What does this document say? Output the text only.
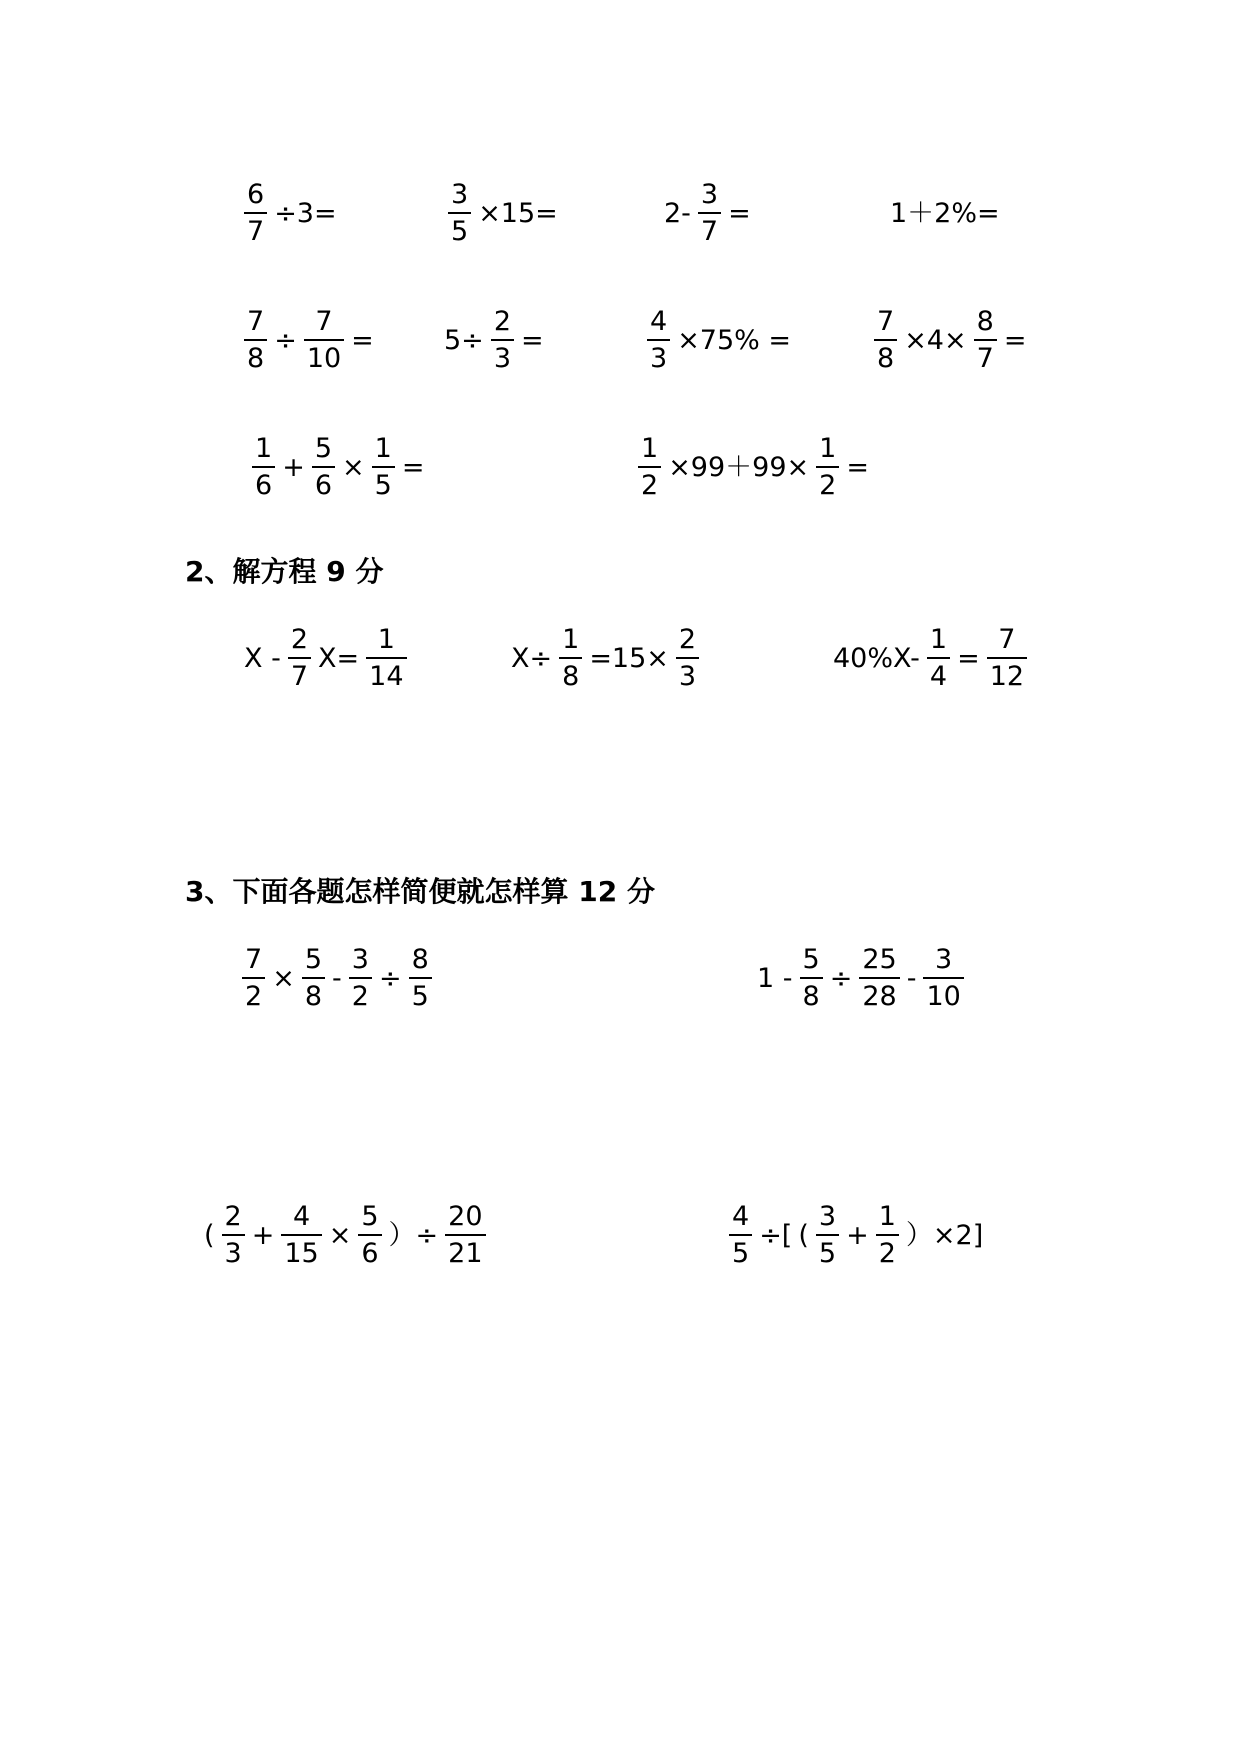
$\frac{6}{7} \div 3=$	$\frac{3}{5} \times 15=$	$2- \frac{3}{7}$ =	1＋2%=
$\frac{7}{8} \div \frac{7}{10}$ =	$5\div \frac{2}{3}$ =	$\frac{4}{3} \times 75\%$ =	$\frac{7}{8} \times 4\times \frac{8}{7}$ =
$\frac{1}{6} + \frac{5}{6} \times \frac{1}{5}$ =	$\frac{1}{2} \times 99+99\times \frac{1}{2}$ =
2、解方程 9 分
$X - \frac{2}{7} X= \frac{1}{14}$	$X\div \frac{1}{8} =15\times \frac{2}{3}$	$40\%X- \frac{1}{4} = \frac{7}{12}$
3、下面各题怎样简便就怎样算 12 分
$\frac{7}{2} \times \frac{5}{8} - \frac{3}{2} \div \frac{8}{5}$	$1 - \frac{5}{8} \div \frac{25}{28} - \frac{3}{10}$
( $\frac{2}{3} + \frac{4}{15} \times \frac{5}{6}$ ）÷ $\frac{20}{21}$	$\frac{4}{5}$ ÷[ ( $\frac{3}{5} + \frac{1}{2} )\times 2$]
